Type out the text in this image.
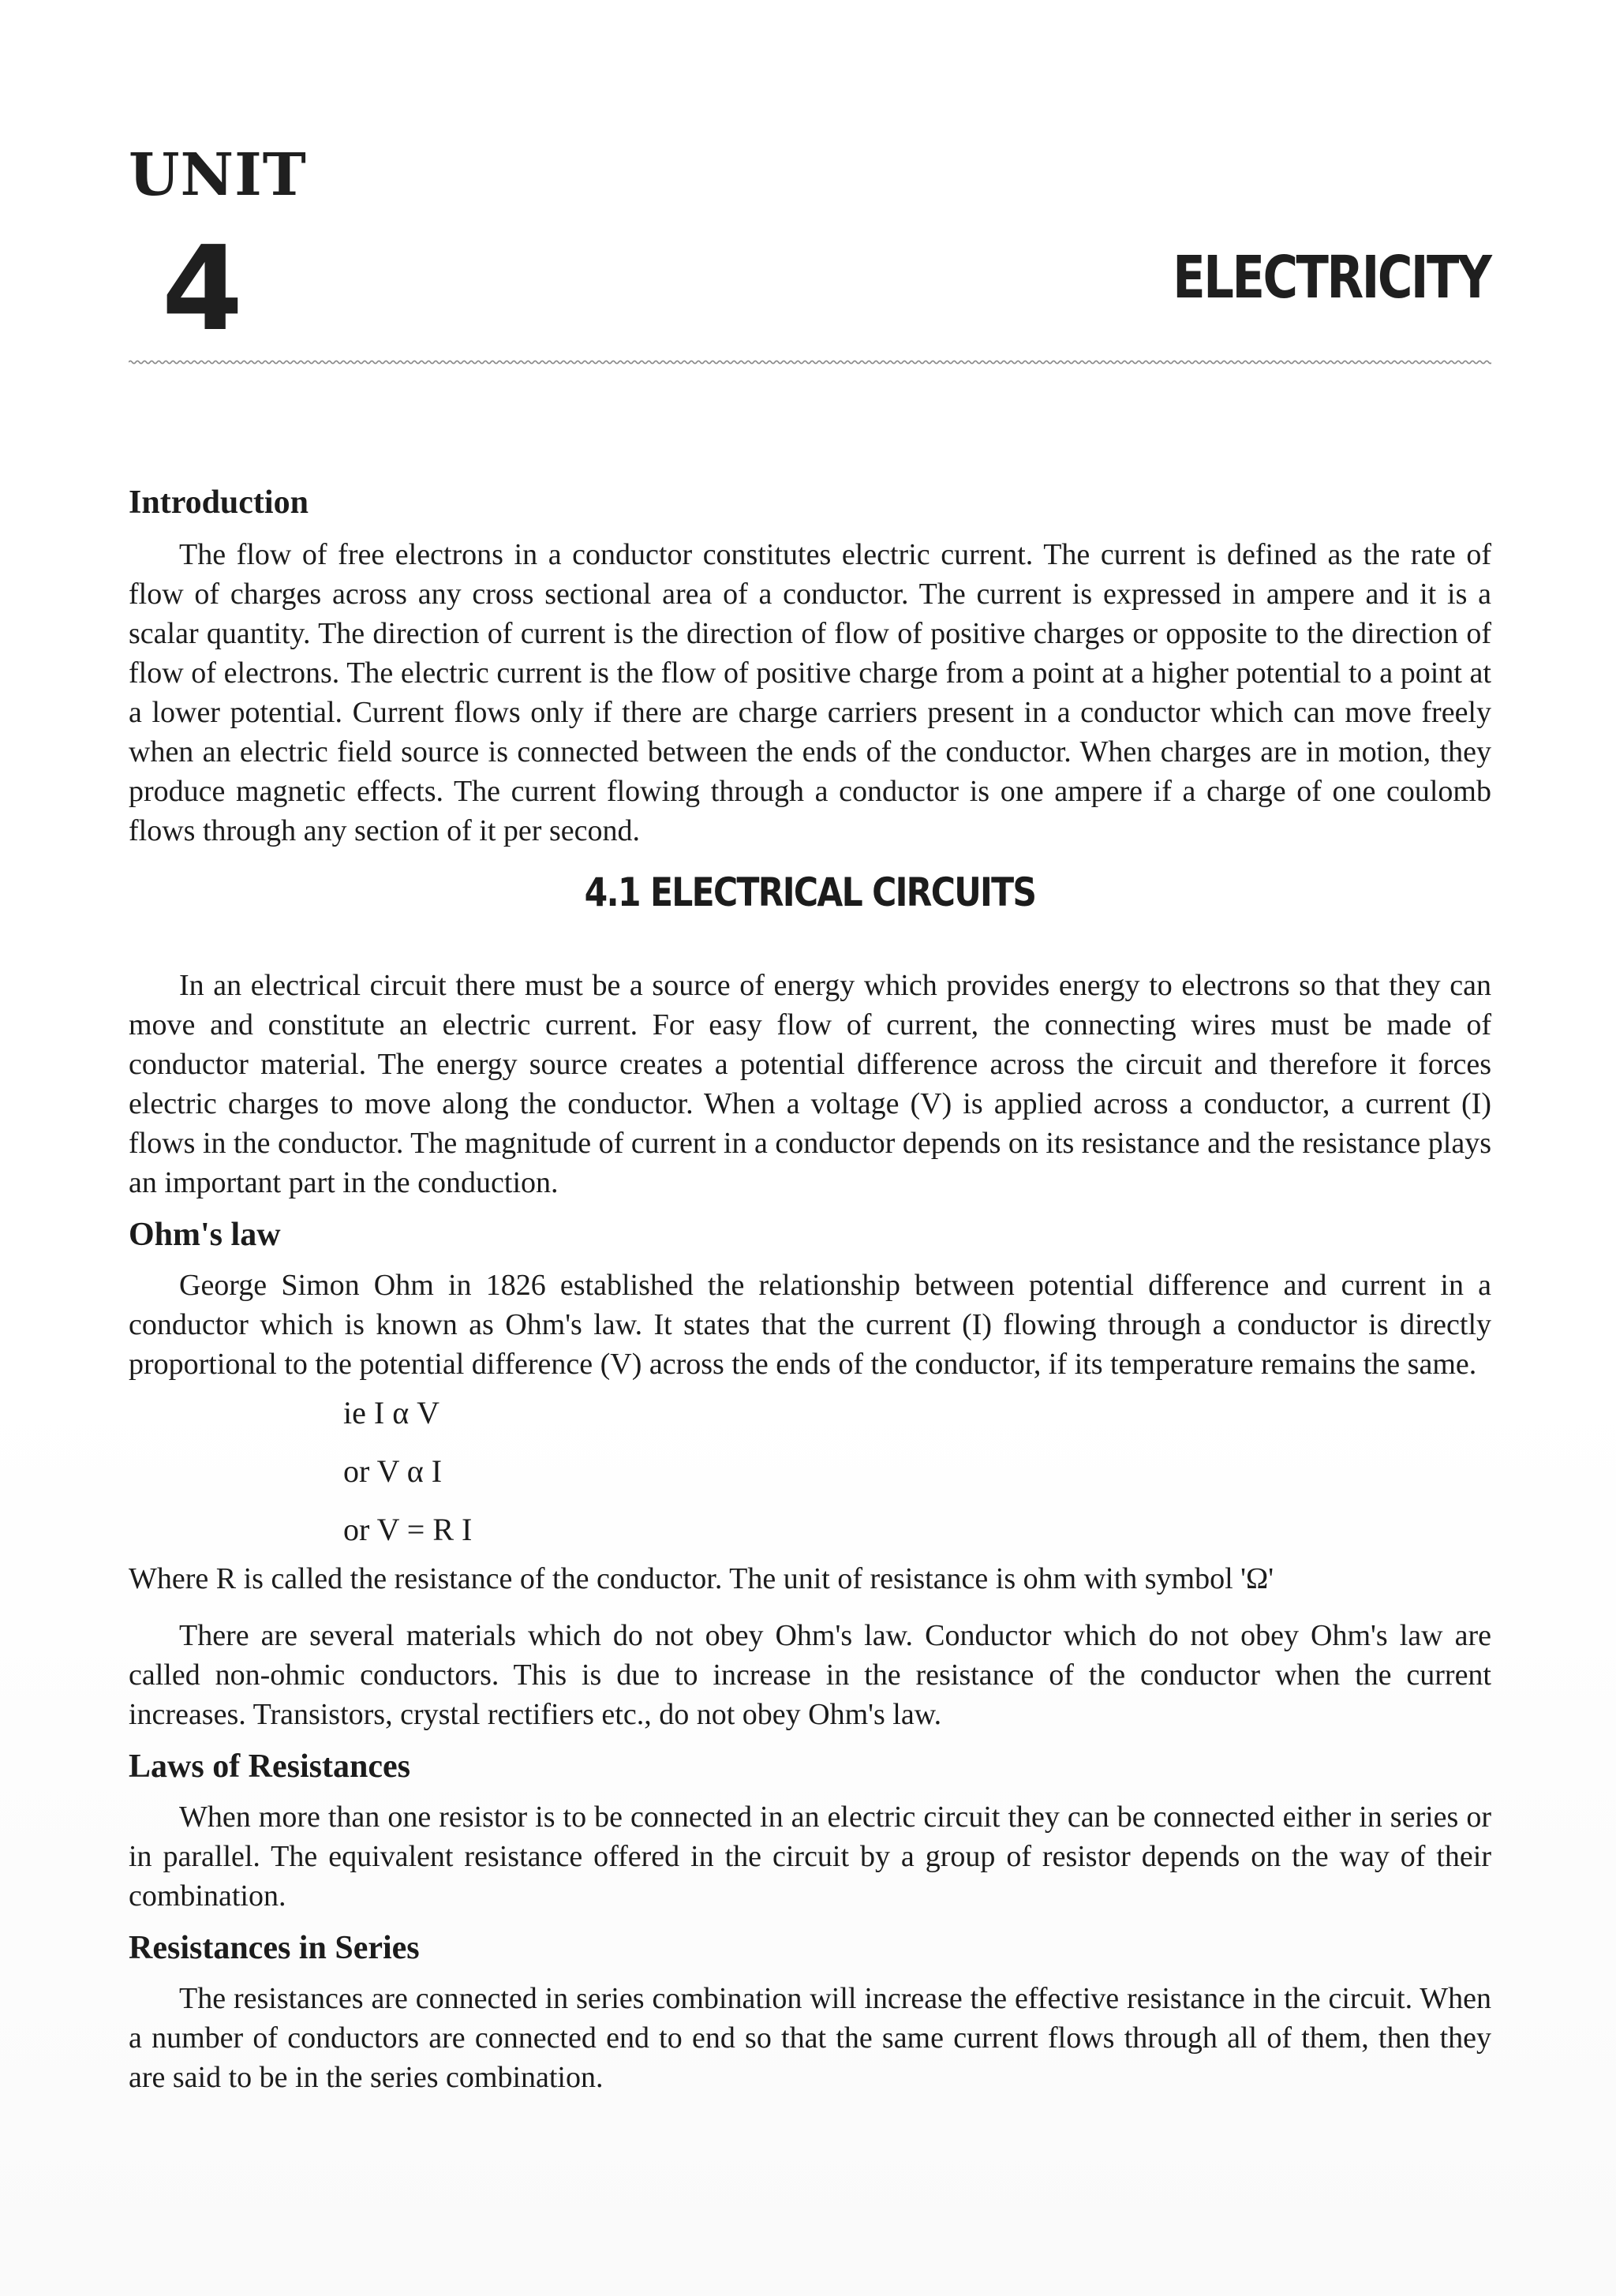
UNIT
4	ELECTRICITY

Introduction

The flow of free electrons in a conductor constitutes electric current. The current is defined as the rate of flow of charges across any cross sectional area of a conductor. The current is expressed in ampere and it is a scalar quantity. The direction of current is the direction of flow of positive charges or opposite to the direction of flow of electrons. The electric current is the flow of positive charge from a point at a higher potential to a point at a lower potential. Current flows only if there are charge carriers present in a conductor which can move freely when an electric field source is connected between the ends of the conductor. When charges are in motion, they produce magnetic effects. The current flowing through a conductor is one ampere if a charge of one coulomb flows through any section of it per second.

4.1 ELECTRICAL CIRCUITS

In an electrical circuit there must be a source of energy which provides energy to electrons so that they can move and constitute an electric current. For easy flow of current, the connecting wires must be made of conductor material. The energy source creates a potential difference across the circuit and therefore it forces electric charges to move along the conductor. When a voltage (V) is applied across a conductor, a current (I) flows in the conductor. The magnitude of current in a conductor depends on its resistance and the resistance plays an important part in the conduction.

Ohm's law

George Simon Ohm in 1826 established the relationship between potential difference and current in a conductor which is known as Ohm's law. It states that the current (I) flowing through a conductor is directly proportional to the potential difference (V) across the ends of the conductor, if its temperature remains the same.

ie I α V

or V α I

or V = R I

Where R is called the resistance of the conductor. The unit of resistance is ohm with symbol 'Ω'

There are several materials which do not obey Ohm's law. Conductor which do not obey Ohm's law are called non-ohmic conductors. This is due to increase in the resistance of the conductor when the current increases. Transistors, crystal rectifiers etc., do not obey Ohm's law.

Laws of Resistances

When more than one resistor is to be connected in an electric circuit they can be connected either in series or in parallel. The equivalent resistance offered in the circuit by a group of resistor depends on the way of their combination.

Resistances in Series

The resistances are connected in series combination will increase the effective resistance in the circuit. When a number of conductors are connected end to end so that the same current flows through all of them, then they are said to be in the series combination.
